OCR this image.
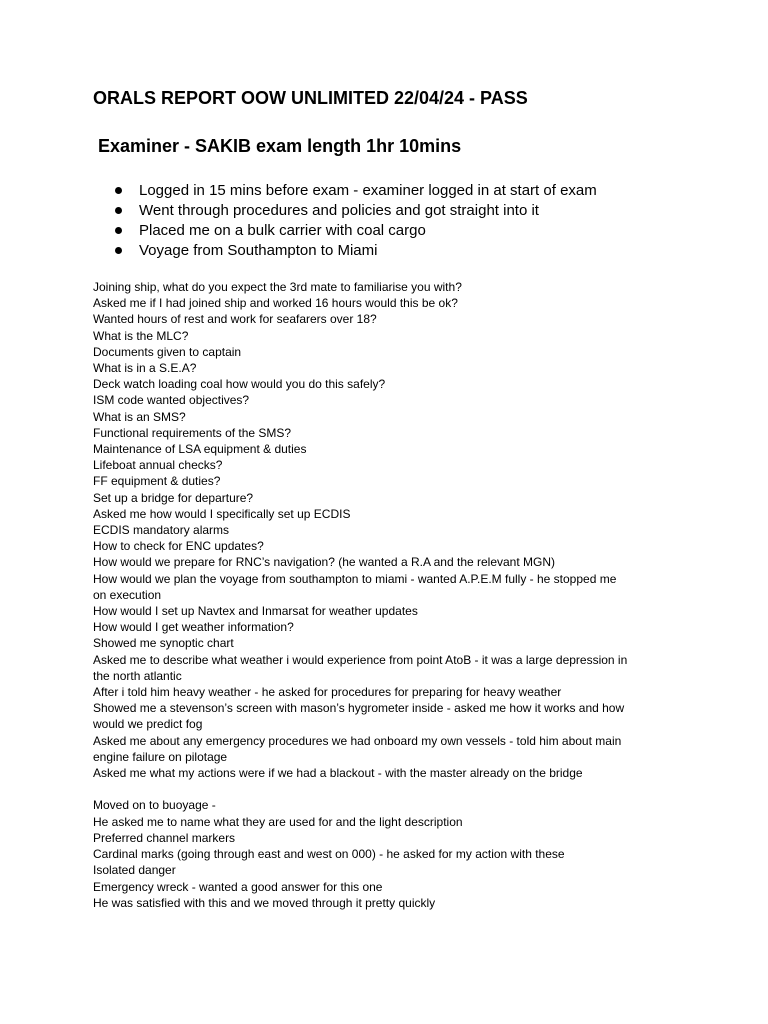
ORALS REPORT OOW UNLIMITED 22/04/24 - PASS
Examiner - SAKIB exam length 1hr 10mins
Logged in 15 mins before exam - examiner logged in at start of exam
Went through procedures and policies and got straight into it
Placed me on a bulk carrier with coal cargo
Voyage from Southampton to Miami
Joining ship, what do you expect the 3rd mate to familiarise you with?
Asked me if I had joined ship and worked 16 hours would this be ok?
Wanted hours of rest and work for seafarers over 18?
What is the MLC?
Documents given to captain
What is in a S.E.A?
Deck watch loading coal how would you do this safely?
ISM code wanted objectives?
What is an SMS?
Functional requirements of the SMS?
Maintenance of LSA equipment & duties
Lifeboat annual checks?
FF equipment & duties?
Set up a bridge for departure?
Asked me how would I specifically set up ECDIS
ECDIS mandatory alarms
How to check for ENC updates?
How would we prepare for RNC’s navigation? (he wanted a R.A and the relevant MGN)
How would we plan the voyage from southampton to miami - wanted A.P.E.M fully - he stopped me
on execution
How would I set up Navtex and Inmarsat for weather updates
How would I get weather information?
Showed me synoptic chart
Asked me to describe what weather i would experience from point AtoB - it was a large depression in
the north atlantic
After i told him heavy weather - he asked for procedures for preparing for heavy weather
Showed me a stevenson’s screen with mason’s hygrometer inside - asked me how it works and how
would we predict fog
Asked me about any emergency procedures we had onboard my own vessels - told him about main
engine failure on pilotage
Asked me what my actions were if we had a blackout - with the master already on the bridge
Moved on to buoyage -
He asked me to name what they are used for and the light description
Preferred channel markers
Cardinal marks (going through east and west on 000) - he asked for my action with these
Isolated danger
Emergency wreck - wanted a good answer for this one
He was satisfied with this and we moved through it pretty quickly
